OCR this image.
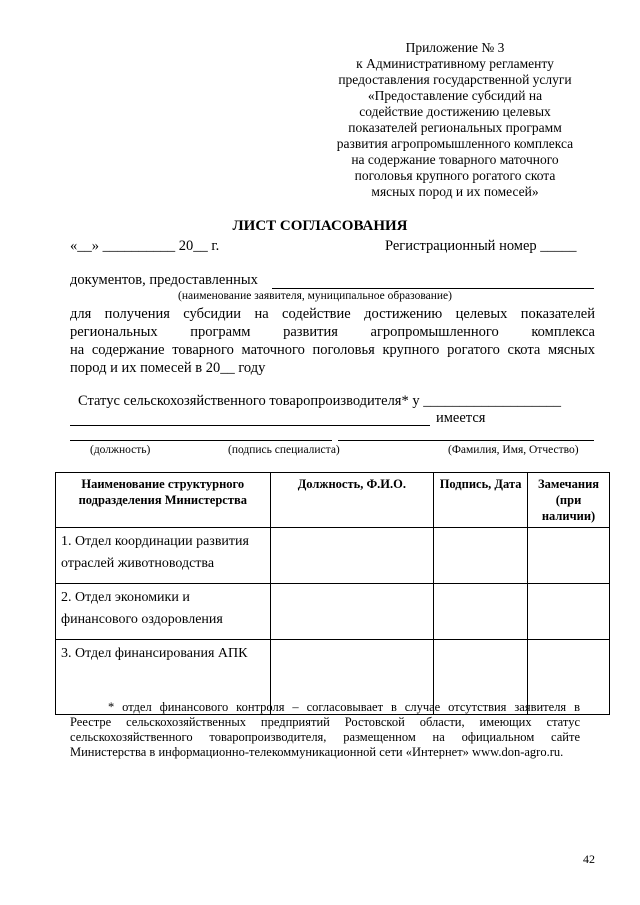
Приложение № 3
к Административному регламенту
предоставления государственной услуги
«Предоставление субсидий на
содействие достижению целевых
показателей региональных программ
развития агропромышленного комплекса
на содержание товарного маточного
поголовья крупного рогатого скота
мясных пород и их помесей»
ЛИСТ СОГЛАСОВАНИЯ
«__» __________ 20__ г.	Регистрационный номер _____
документов, предоставленных
(наименование заявителя, муниципальное образование)
для получения субсидии на содействие достижению целевых показателей
региональных программ развития агропромышленного комплекса
на содержание товарного маточного поголовья крупного рогатого скота мясных
пород и их помесей в 20__ году
Статус сельскохозяйственного товаропроизводителя* у ___________________
имеется
(должность)	(подпись специалиста)	(Фамилия, Имя, Отчество)
Наименование структурного подразделения Министерства	Должность, Ф.И.О.	Подпись, Дата	Замечания (при наличии)
1. Отдел координации развития отраслей животноводства			
2. Отдел экономики и финансового оздоровления			
3. Отдел финансирования АПК			

* отдел финансового контроля – согласовывает в случае отсутствия заявителя в

Реестре сельскохозяйственных предприятий Ростовской области, имеющих статус

сельскохозяйственного товаропроизводителя, размещенном на официальном сайте

Министерства в информационно-телекоммуникационной сети «Интернет» www.don-agro.ru.

42
